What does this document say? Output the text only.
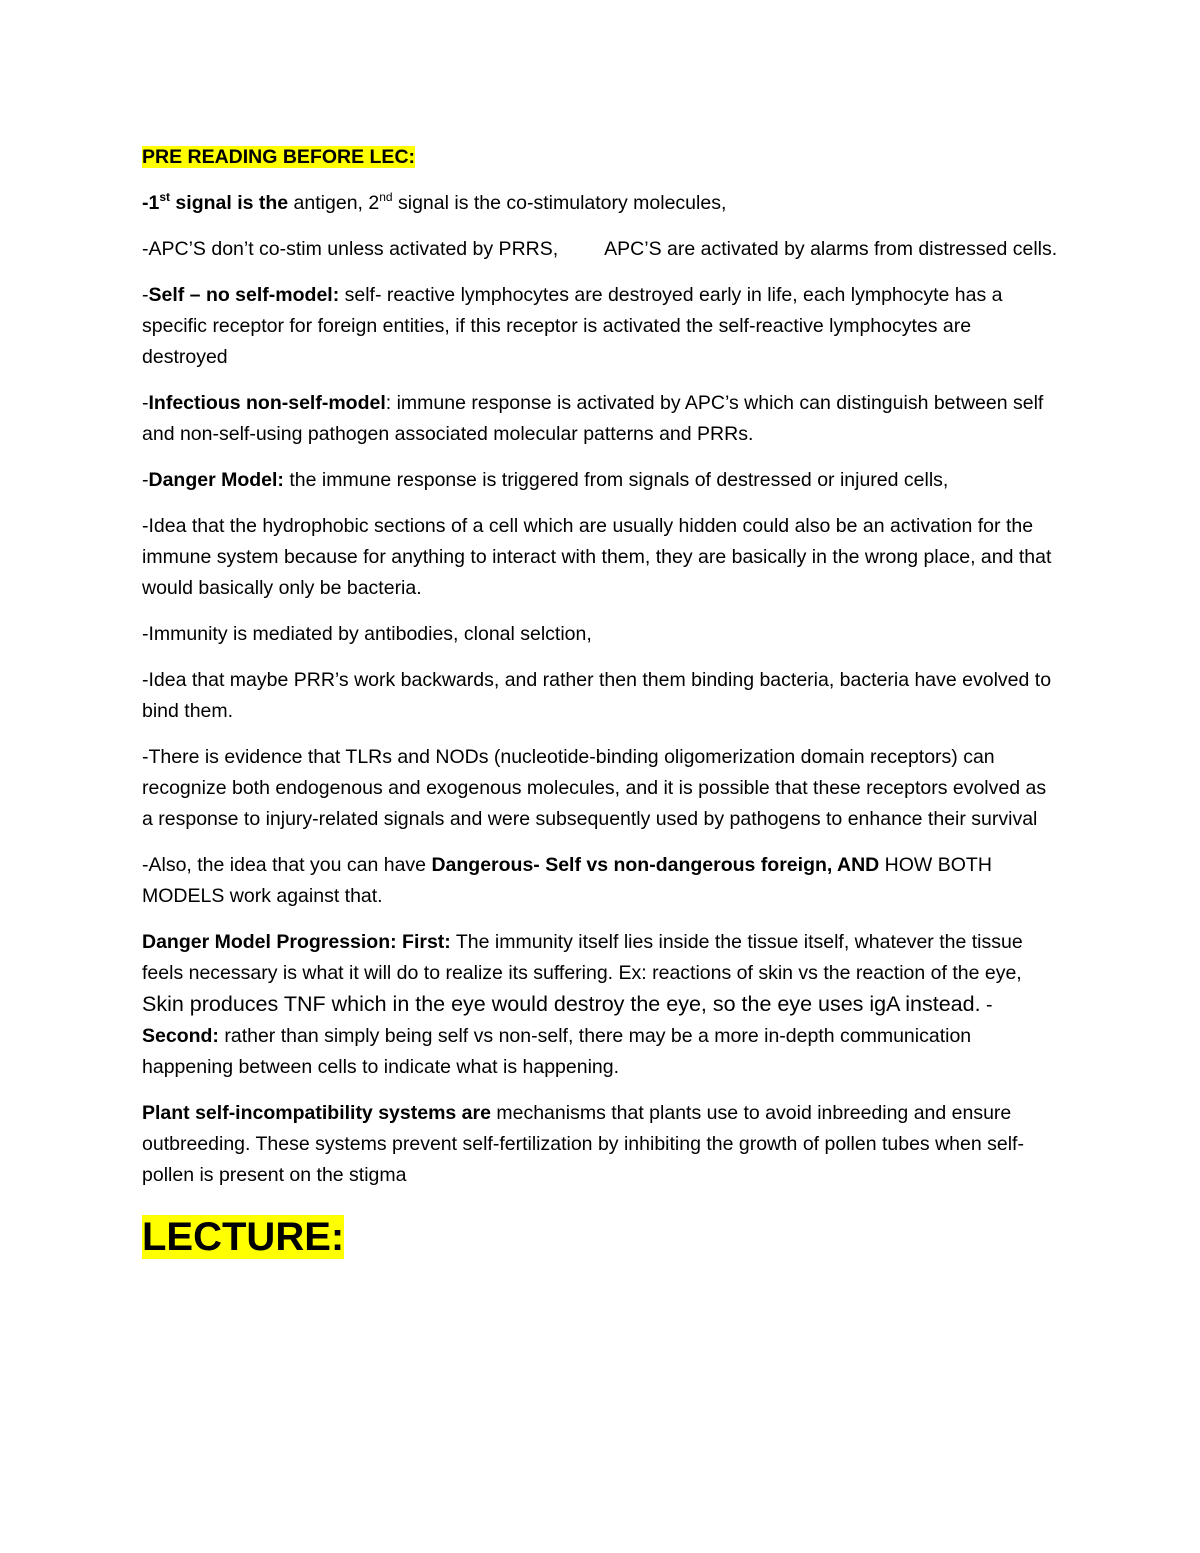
PRE READING BEFORE LEC:

-1st signal is the antigen, 2nd signal is the co-stimulatory molecules,

-APC’S don’t co-stim unless activated by PRRS, APC’S are activated by alarms from distressed cells.

-Self – no self-model: self- reactive lymphocytes are destroyed early in life, each lymphocyte has a specific receptor for foreign entities, if this receptor is activated the self-reactive lymphocytes are destroyed

-Infectious non-self-model: immune response is activated by APC’s which can distinguish between self and non-self-using pathogen associated molecular patterns and PRRs.

-Danger Model: the immune response is triggered from signals of destressed or injured cells,

-Idea that the hydrophobic sections of a cell which are usually hidden could also be an activation for the immune system because for anything to interact with them, they are basically in the wrong place, and that would basically only be bacteria.

-Immunity is mediated by antibodies, clonal selction,

-Idea that maybe PRR’s work backwards, and rather then them binding bacteria, bacteria have evolved to bind them.

-There is evidence that TLRs and NODs (nucleotide-binding oligomerization domain receptors) can recognize both endogenous and exogenous molecules, and it is possible that these receptors evolved as a response to injury-related signals and were subsequently used by pathogens to enhance their survival

-Also, the idea that you can have Dangerous- Self vs non-dangerous foreign, AND HOW BOTH MODELS work against that.

Danger Model Progression: First: The immunity itself lies inside the tissue itself, whatever the tissue feels necessary is what it will do to realize its suffering. Ex: reactions of skin vs the reaction of the eye, Skin produces TNF which in the eye would destroy the eye, so the eye uses igA instead. -Second: rather than simply being self vs non-self, there may be a more in-depth communication happening between cells to indicate what is happening.

Plant self-incompatibility systems are mechanisms that plants use to avoid inbreeding and ensure outbreeding. These systems prevent self-fertilization by inhibiting the growth of pollen tubes when self-pollen is present on the stigma

LECTURE:
